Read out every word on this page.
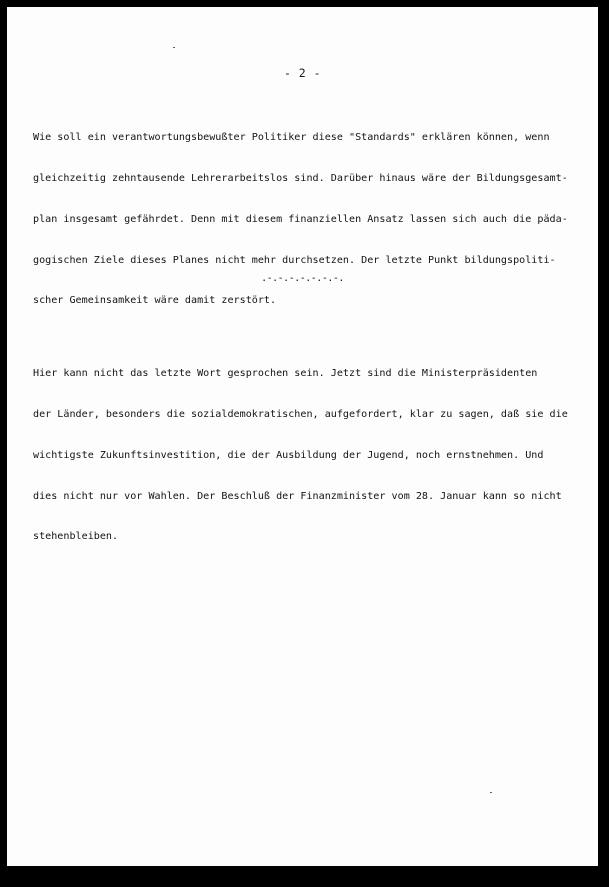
- 2 -

Wie soll ein verantwortungsbewußter Politiker diese "Standards" erklären können, wenn

gleichzeitig zehntausende Lehrerarbeitslos sind. Darüber hinaus wäre der Bildungsgesamt-

plan insgesamt gefährdet. Denn mit diesem finanziellen Ansatz lassen sich auch die päda-

gogischen Ziele dieses Planes nicht mehr durchsetzen. Der letzte Punkt bildungspoliti-

scher Gemeinsamkeit wäre damit zerstört.

Hier kann nicht das letzte Wort gesprochen sein. Jetzt sind die Ministerpräsidenten

der Länder, besonders die sozialdemokratischen, aufgefordert, klar zu sagen, daß sie die

wichtigste Zukunftsinvestition, die der Ausbildung der Jugend, noch ernstnehmen. Und

dies nicht nur vor Wahlen. Der Beschluß der Finanzminister vom 28. Januar kann so nicht

stehenbleiben.

.-.-.-.-.-.-.-.
